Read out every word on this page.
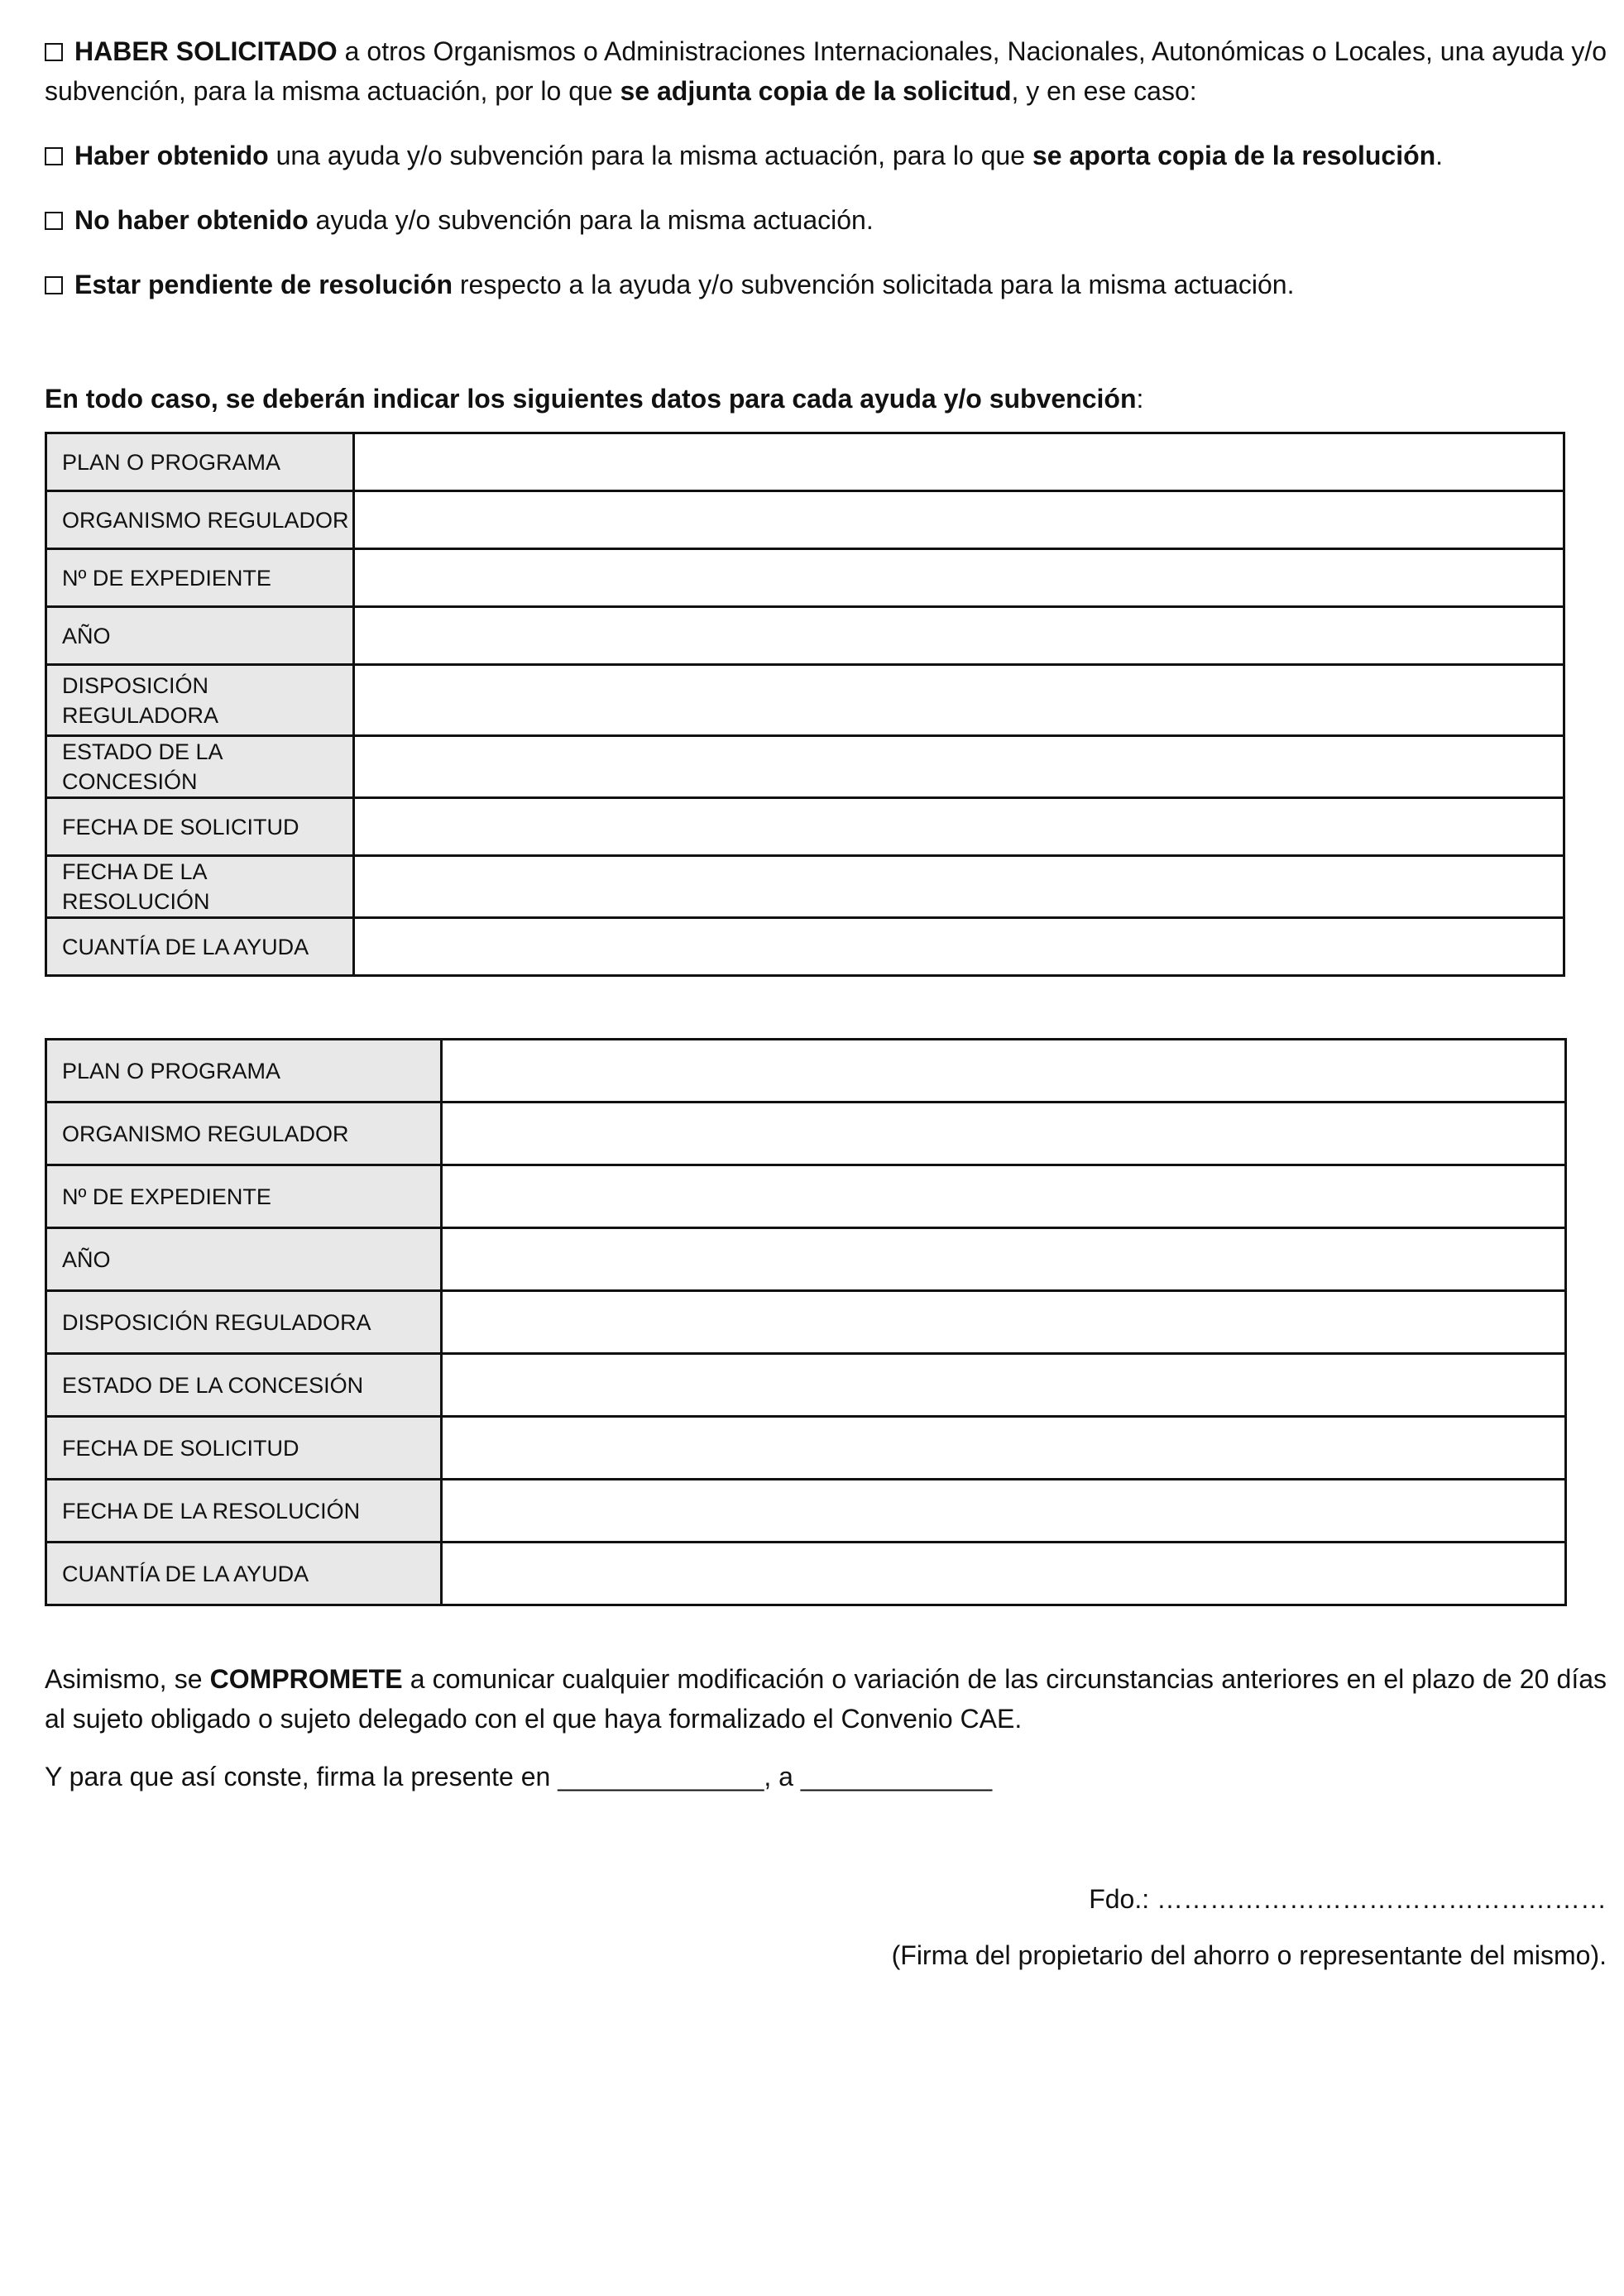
HABER SOLICITADO a otros Organismos o Administraciones Internacionales, Nacionales, Autonómicas o Locales, una ayuda y/o subvención, para la misma actuación, por lo que se adjunta copia de la solicitud, y en ese caso:

Haber obtenido una ayuda y/o subvención para la misma actuación, para lo que se aporta copia de la resolución.

No haber obtenido ayuda y/o subvención para la misma actuación.

Estar pendiente de resolución respecto a la ayuda y/o subvención solicitada para la misma actuación.

En todo caso, se deberán indicar los siguientes datos para cada ayuda y/o subvención:

PLAN O PROGRAMA	
ORGANISMO REGULADOR	
Nº DE EXPEDIENTE	
AÑO	
DISPOSICIÓN REGULADORA	
ESTADO DE LA CONCESIÓN	
FECHA DE SOLICITUD	
FECHA DE LA RESOLUCIÓN	
CUANTÍA DE LA AYUDA	
PLAN O PROGRAMA	
ORGANISMO REGULADOR	
Nº DE EXPEDIENTE	
AÑO	
DISPOSICIÓN REGULADORA	
ESTADO DE LA CONCESIÓN	
FECHA DE SOLICITUD	
FECHA DE LA RESOLUCIÓN	
CUANTÍA DE LA AYUDA	

Asimismo, se COMPROMETE a comunicar cualquier modificación o variación de las circunstancias anteriores en el plazo de 20 días al sujeto obligado o sujeto delegado con el que haya formalizado el Convenio CAE.

Y para que así conste, firma la presente en ______________, a _____________

Fdo.: ……………………………………………
(Firma del propietario del ahorro o representante del mismo).
